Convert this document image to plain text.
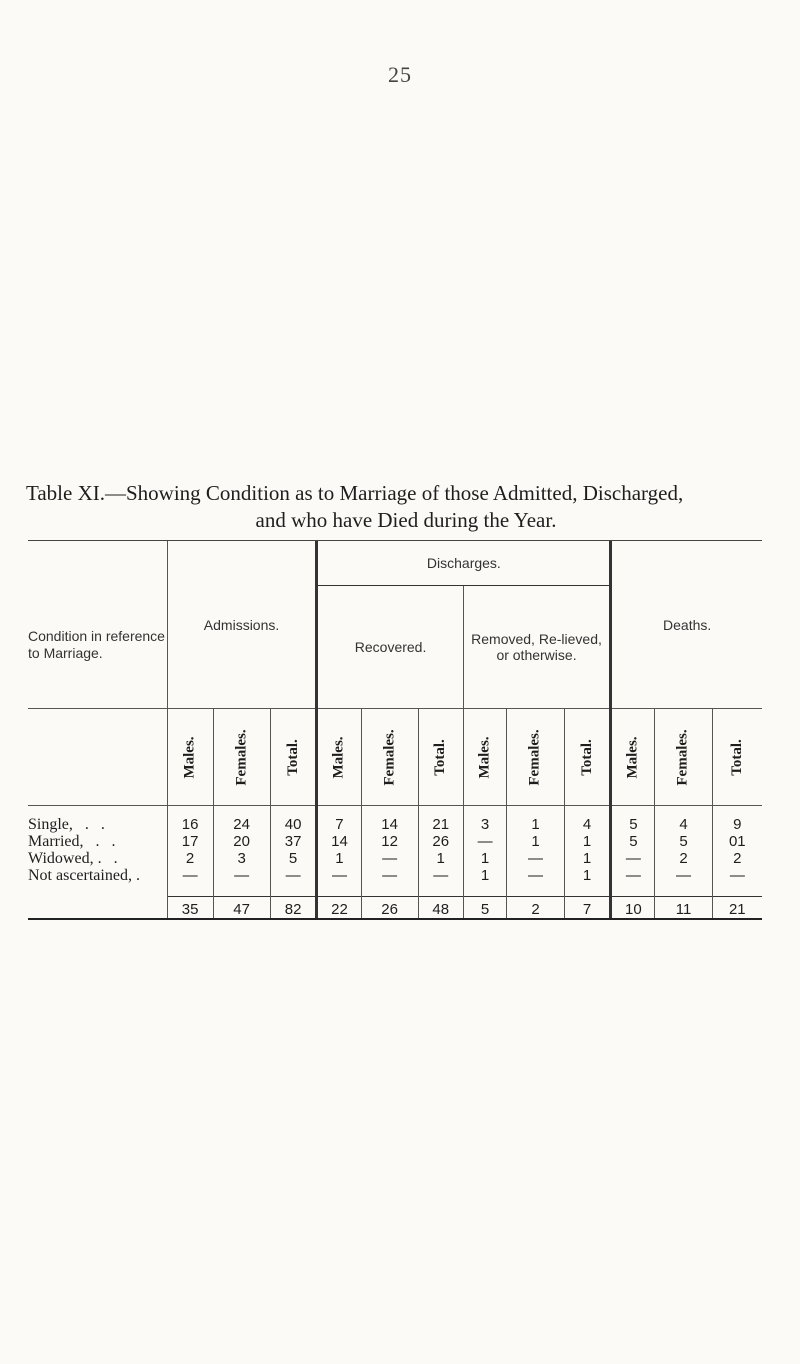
25
Table XI.—Showing Condition as to Marriage of those Admitted, Discharged,
and who have Died during the Year.
Condition in reference to Marriage.	Admissions.			Discharges.						Deaths.		
				Recovered.			Removed, Re-lieved, or otherwise.					
	Males.	Females.	Total.	Males.	Females.	Total.	Males.	Females.	Total.	Males.	Females.	Total.
Single,   .   .	16	24	40	7	14	21	3	1	4	5	4	9
Married,   .   .	17	20	37	14	12	26	—	1	1	5	5	01
Widowed, .   .	2	3	5	1	—	1	1	—	1	—	2	2
Not ascertained, .	—	—	—	—	—	—	1	—	1	—	—	—

	35	47	82	22	26	48	5	2	7	10	11	21
